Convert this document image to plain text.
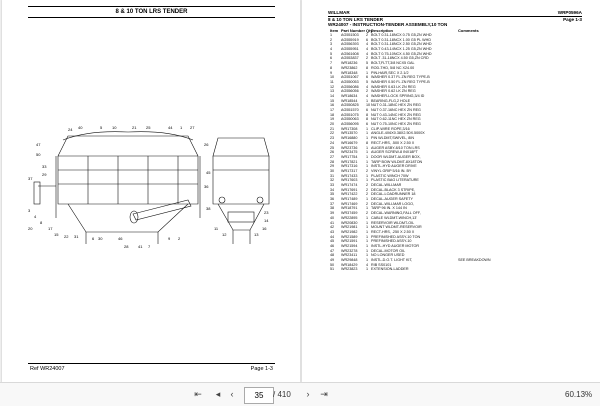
8 & 10 TON LRS TENDER
24 40	5 10	21 25	44 1 27
26
45
36
38
47
50
33
29
37
3
4
8
17
20
15 22 31	6 30	46
28 41 7
9 2
11
12	13
16
14
23
Ref WR24007	Page 1-3
WILLMAR	WRP0596A
8 & 10 TON LRS TENDER	Page 1-3
WR24007 - INSTRUCTION-TENDER ASSEMBLY,10 TON
Item Part Number Qty
Description	Comments
1 AG551503 2 BOLT 0.31-18NCX 0.75 G5,ZN WHD
2 AG555919 6 BOLT 0.31-18NCX 1.00 G5 PL WHD
3 AG556393 4 BOLT 0.31-18NCX 2.50 G5,ZN WHD
4 AG555951 4 BOLT 0.43-14NCX 1.25 G5,ZN WHD
5 AG561608 4 BOLT 0.75-10NCX 4.50 G5,ZN WHD
6 AG553837 2 BOLT .31-18NCX 4.50 G5,ZN CRD
7 WR18236 5 BOLT,FLTT,3/8 NCX5 GAL
8 WR23862 8 ROD-THD, 5/8 NC X24.00
9 WR18348 1 PIN-HAIR,SEC X 2.1/2
10 AG551067 6 WASHER 0.37 FL ZN REG TYPE-B
11 AG550053 5 WASHER 0.50 FL ZN REG TYPE-B
12 AG556086 4 WASHER 0.63 LK ZN REG
13 AG556056 2 WASHER 0.62 LK ZN REG
14 WR18634 4 WASHER-LOCK SPRING,3/4 ID
15 WR18544 1 BEARING-FLG,2 HOLE
16 AG550825 10 NUT 0.31-18NC HEX ZN REG
17 AG551570 6 NUT 0.37-16NC HEX ZN REG
18 AG551075 8 NUT 0.43-14NC HEX ZN REG
19 AG550063 8 NUT 0.62-11NC HEX ZN REG
20 AG556095 6 NUT 0.75-10NC HEX ZN REG
21 WR17308 1 CLIP-WIRE ROPE,3/16
22 WR13570 1 ANGLE-4X6X0.38X2.50X.5000X
23 WR16880 1 PIN WLDMT,SWIVEL, 8IN
24 WR16679 8 RECT-HRS, .500 X 2.50 X
25 WR23736 1 AUGER ASBY-8/10 TON LRS
26 WR23475 1 AUGER SCREW-8 INX18FT
27 WR17754 1 DOOR WLDMT-AUGER BOX,
28 WR17821 1 TARP BOW WLDMT-8X18TON
29 WR17316 1 INSTL-HYD AUGER DRIVE
30 WR17317 2 VINYL GRIP 5/16 IN. BY
31 WR17433 1 PLASTIC WINCH 70W
32 WR17603 1 PLASTIC BAG LITERATURE
33 WR17474 2 DECAL-WILLMAR
34 WR17691 2 DECAL-BLACK 3 STRIPE,
35 WR17422 2 DECAL-LOADRUNNER 18
36 WR17489 1 DECAL-AUGER SAFETY
37 WR17469 2 DECAL-WILLMAR LOGO,
38 WR18791 1 TARP 96 IN. X 144 IN
39 WR37459 2 DECAL-WARNING,FALL OFF,
40 WR22895 1 CABLE WLDMT-WINCH,13'
41 WR20830 1 RESERVOIR WLDMT-OIL
42 WR21981 1 MOUNT WLDMT-RESERVOIR
43 WR21982 1 RECT-HRS, .250 X 2.50 X
44 WR21589 1 PREFINISHED ASSY-10 TON
45 WR21591 1 PREFINISHED ASSY-10
46 WR21594 1 INSTL-HYD AUGER MOTOR
47 WR23278 1 DECAL-MOTOR OIL
48 WR23411 1 NO LONGER USED
49 WR29848 1 INSTL-D.O.T. LIGHT KIT,	SEE BREAKDOWN
50 WR18429 4 RIB SS0101
51 WR23823 1 EXTENSION-LADDER
⇤	◂	‹
35	/ 410	›	⇥	60.13%
